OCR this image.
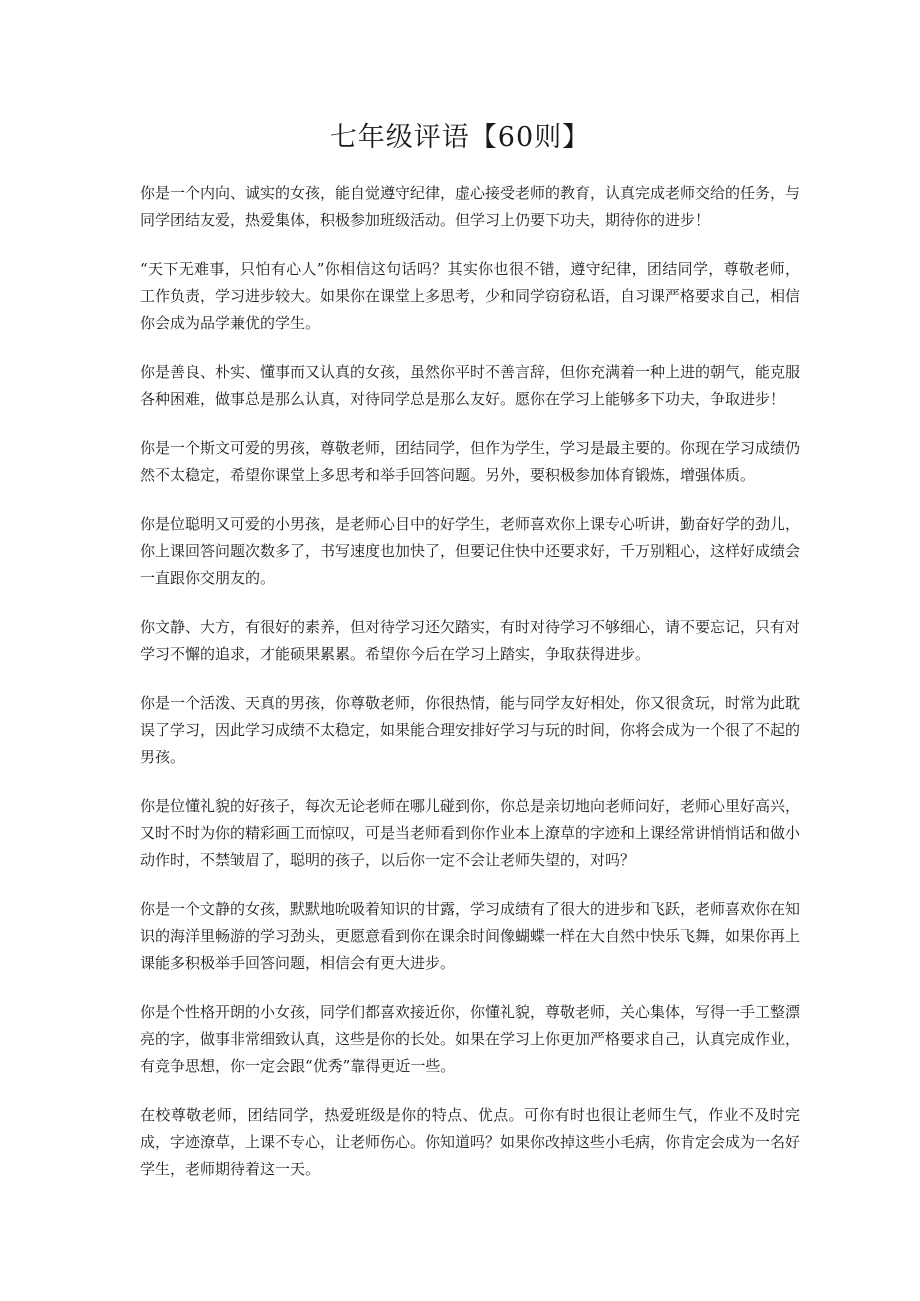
七年级评语【60则】

你是一个内向、诚实的女孩，能自觉遵守纪律，虚心接受老师的教育，认真完成老师交给的任务，与同学团结友爱，热爱集体，积极参加班级活动。但学习上仍要下功夫，期待你的进步！

“天下无难事，只怕有心人”你相信这句话吗？其实你也很不错，遵守纪律，团结同学，尊敬老师，工作负责，学习进步较大。如果你在课堂上多思考，少和同学窃窃私语，自习课严格要求自己，相信你会成为品学兼优的学生。

你是善良、朴实、懂事而又认真的女孩，虽然你平时不善言辞，但你充满着一种上进的朝气，能克服各种困难，做事总是那么认真，对待同学总是那么友好。愿你在学习上能够多下功夫，争取进步！

你是一个斯文可爱的男孩，尊敬老师，团结同学，但作为学生，学习是最主要的。你现在学习成绩仍然不太稳定，希望你课堂上多思考和举手回答问题。另外，要积极参加体育锻炼，增强体质。

你是位聪明又可爱的小男孩，是老师心目中的好学生，老师喜欢你上课专心听讲，勤奋好学的劲儿，你上课回答问题次数多了，书写速度也加快了，但要记住快中还要求好，千万别粗心，这样好成绩会一直跟你交朋友的。

你文静、大方，有很好的素养，但对待学习还欠踏实，有时对待学习不够细心，请不要忘记，只有对学习不懈的追求，才能硕果累累。希望你今后在学习上踏实，争取获得进步。

你是一个活泼、天真的男孩，你尊敬老师，你很热情，能与同学友好相处，你又很贪玩，时常为此耽误了学习，因此学习成绩不太稳定，如果能合理安排好学习与玩的时间，你将会成为一个很了不起的男孩。

你是位懂礼貌的好孩子，每次无论老师在哪儿碰到你，你总是亲切地向老师问好，老师心里好高兴，又时不时为你的精彩画工而惊叹，可是当老师看到你作业本上潦草的字迹和上课经常讲悄悄话和做小动作时，不禁皱眉了，聪明的孩子，以后你一定不会让老师失望的，对吗？

你是一个文静的女孩，默默地吮吸着知识的甘露，学习成绩有了很大的进步和飞跃，老师喜欢你在知识的海洋里畅游的学习劲头，更愿意看到你在课余时间像蝴蝶一样在大自然中快乐飞舞，如果你再上课能多积极举手回答问题，相信会有更大进步。

你是个性格开朗的小女孩，同学们都喜欢接近你，你懂礼貌，尊敬老师，关心集体，写得一手工整漂亮的字，做事非常细致认真，这些是你的长处。如果在学习上你更加严格要求自己，认真完成作业，有竞争思想，你一定会跟“优秀”靠得更近一些。

在校尊敬老师，团结同学，热爱班级是你的特点、优点。可你有时也很让老师生气，作业不及时完成，字迹潦草，上课不专心，让老师伤心。你知道吗？如果你改掉这些小毛病，你肯定会成为一名好学生，老师期待着这一天。
